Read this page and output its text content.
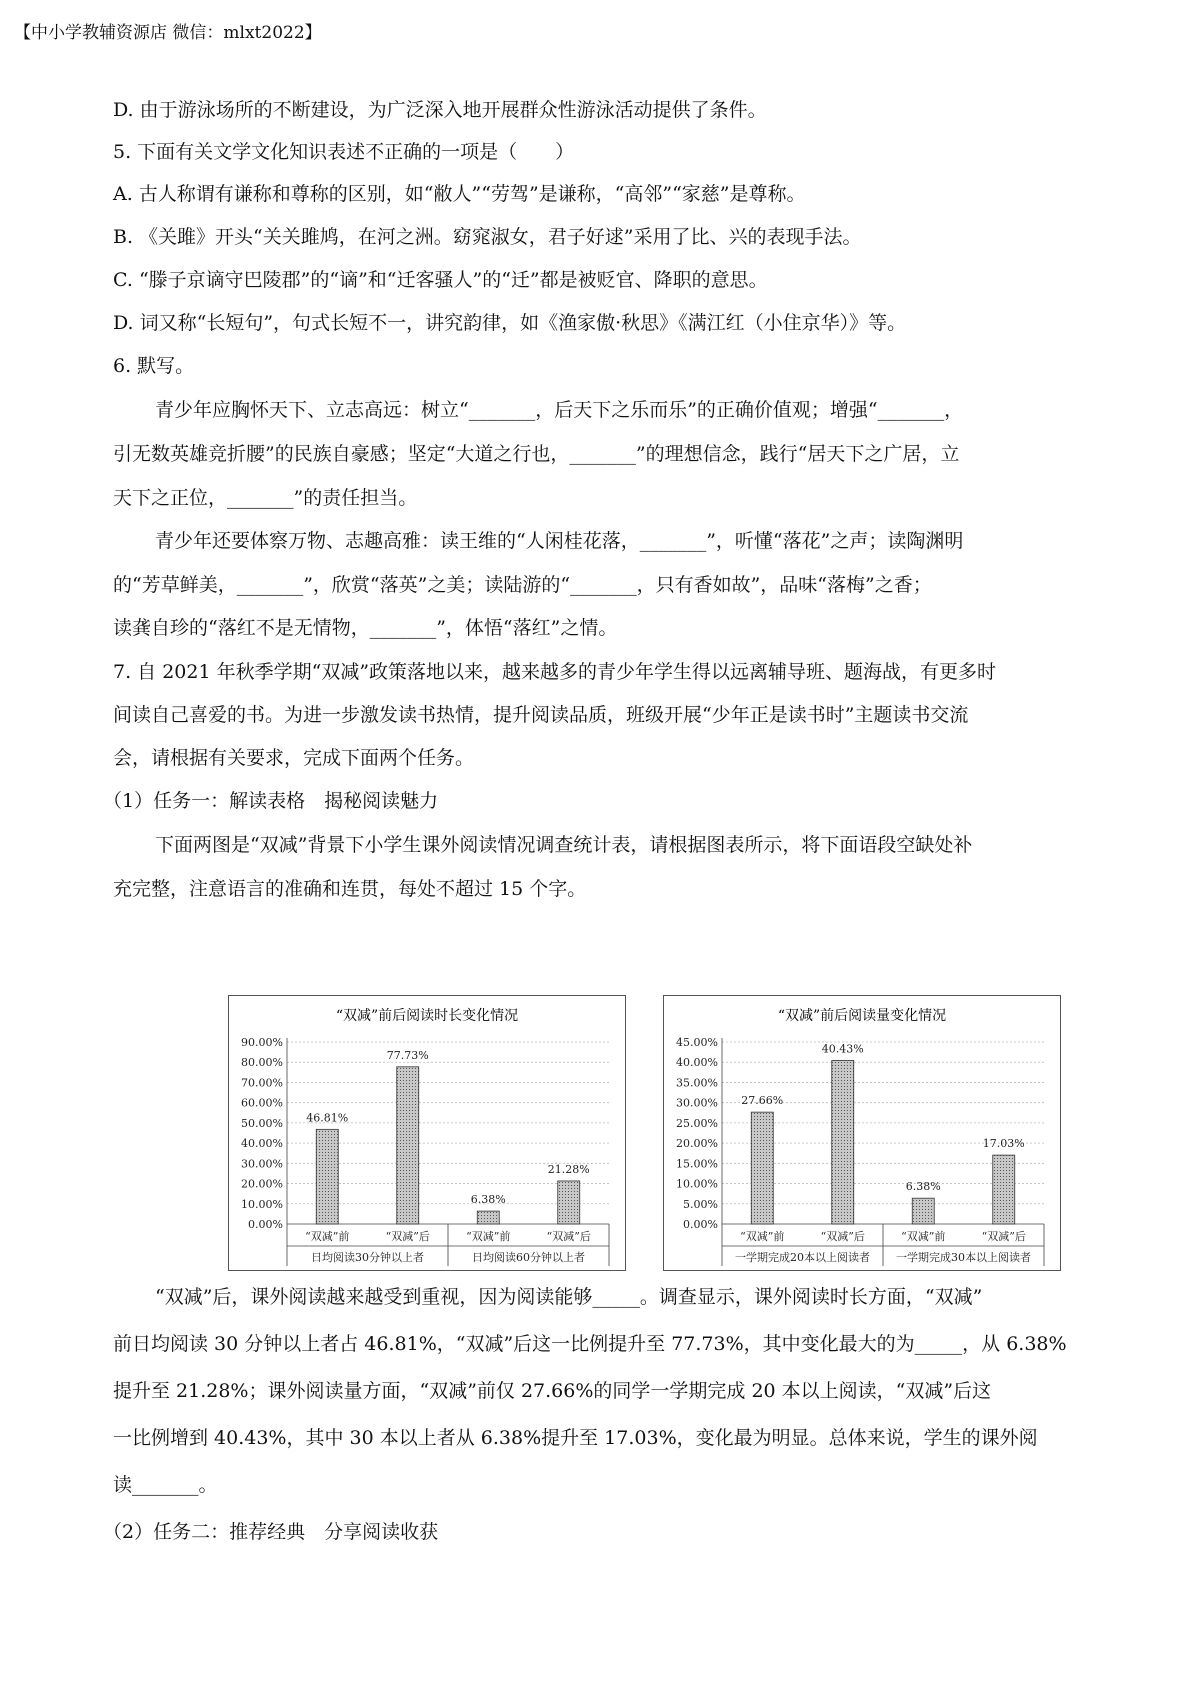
【中小学教辅资源店 微信：mlxt2022】
D. 由于游泳场所的不断建设，为广泛深入地开展群众性游泳活动提供了条件。
5. 下面有关文学文化知识表述不正确的一项是（　　）
A. 古人称谓有谦称和尊称的区别，如“敝人”“劳驾”是谦称，“高邻”“家慈”是尊称。
B. 《关雎》开头“关关雎鸠，在河之洲。窈窕淑女，君子好逑”采用了比、兴的表现手法。
C. “滕子京谪守巴陵郡”的“谪”和“迁客骚人”的“迁”都是被贬官、降职的意思。
D. 词又称“长短句”，句式长短不一，讲究韵律，如《渔家傲·秋思》《满江红（小住京华）》等。
6. 默写。
青少年应胸怀天下、立志高远：树立“_______，后天下之乐而乐”的正确价值观；增强“_______，
引无数英雄竞折腰”的民族自豪感；坚定“大道之行也，_______”的理想信念，践行“居天下之广居，立
天下之正位，_______”的责任担当。
青少年还要体察万物、志趣高雅：读王维的“人闲桂花落，_______”，听懂“落花”之声；读陶渊明
的“芳草鲜美，_______”，欣赏“落英”之美；读陆游的“_______，只有香如故”，品味“落梅”之香；
读龚自珍的“落红不是无情物，_______”，体悟“落红”之情。
7. 自 2021 年秋季学期“双减”政策落地以来，越来越多的青少年学生得以远离辅导班、题海战，有更多时
间读自己喜爱的书。为进一步激发读书热情，提升阅读品质，班级开展“少年正是读书时”主题读书交流
会，请根据有关要求，完成下面两个任务。
（1）任务一：解读表格　揭秘阅读魅力
下面两图是“双减”背景下小学生课外阅读情况调查统计表，请根据图表所示，将下面语段空缺处补
充完整，注意语言的准确和连贯，每处不超过 15 个字。
“双减”前后阅读时长变化情况
0.00%
10.00%
20.00%
30.00%
40.00%
50.00%
60.00%
70.00%
80.00%
90.00%
46.81%
“双减”前
77.73%
“双减”后
6.38%
“双减”前
21.28%
“双减”后
日均阅读30分钟以上者	日均阅读60分钟以上者
“双减”前后阅读量变化情况
0.00%
5.00%
10.00%
15.00%
20.00%
25.00%
30.00%
35.00%
40.00%
45.00%
27.66%
“双减”前
40.43%
“双减”后
6.38%
“双减”前
17.03%
“双减”后
一学期完成20本以上阅读者 一学期完成30本以上阅读者
“双减”后，课外阅读越来越受到重视，因为阅读能够_____。调查显示，课外阅读时长方面，“双减”
前日均阅读 30 分钟以上者占 46.81%，“双减”后这一比例提升至 77.73%，其中变化最大的为_____，从 6.38%
提升至 21.28%；课外阅读量方面，“双减”前仅 27.66%的同学一学期完成 20 本以上阅读，“双减”后这
一比例增到 40.43%，其中 30 本以上者从 6.38%提升至 17.03%，变化最为明显。总体来说，学生的课外阅
读_______。
（2）任务二：推荐经典　分享阅读收获
